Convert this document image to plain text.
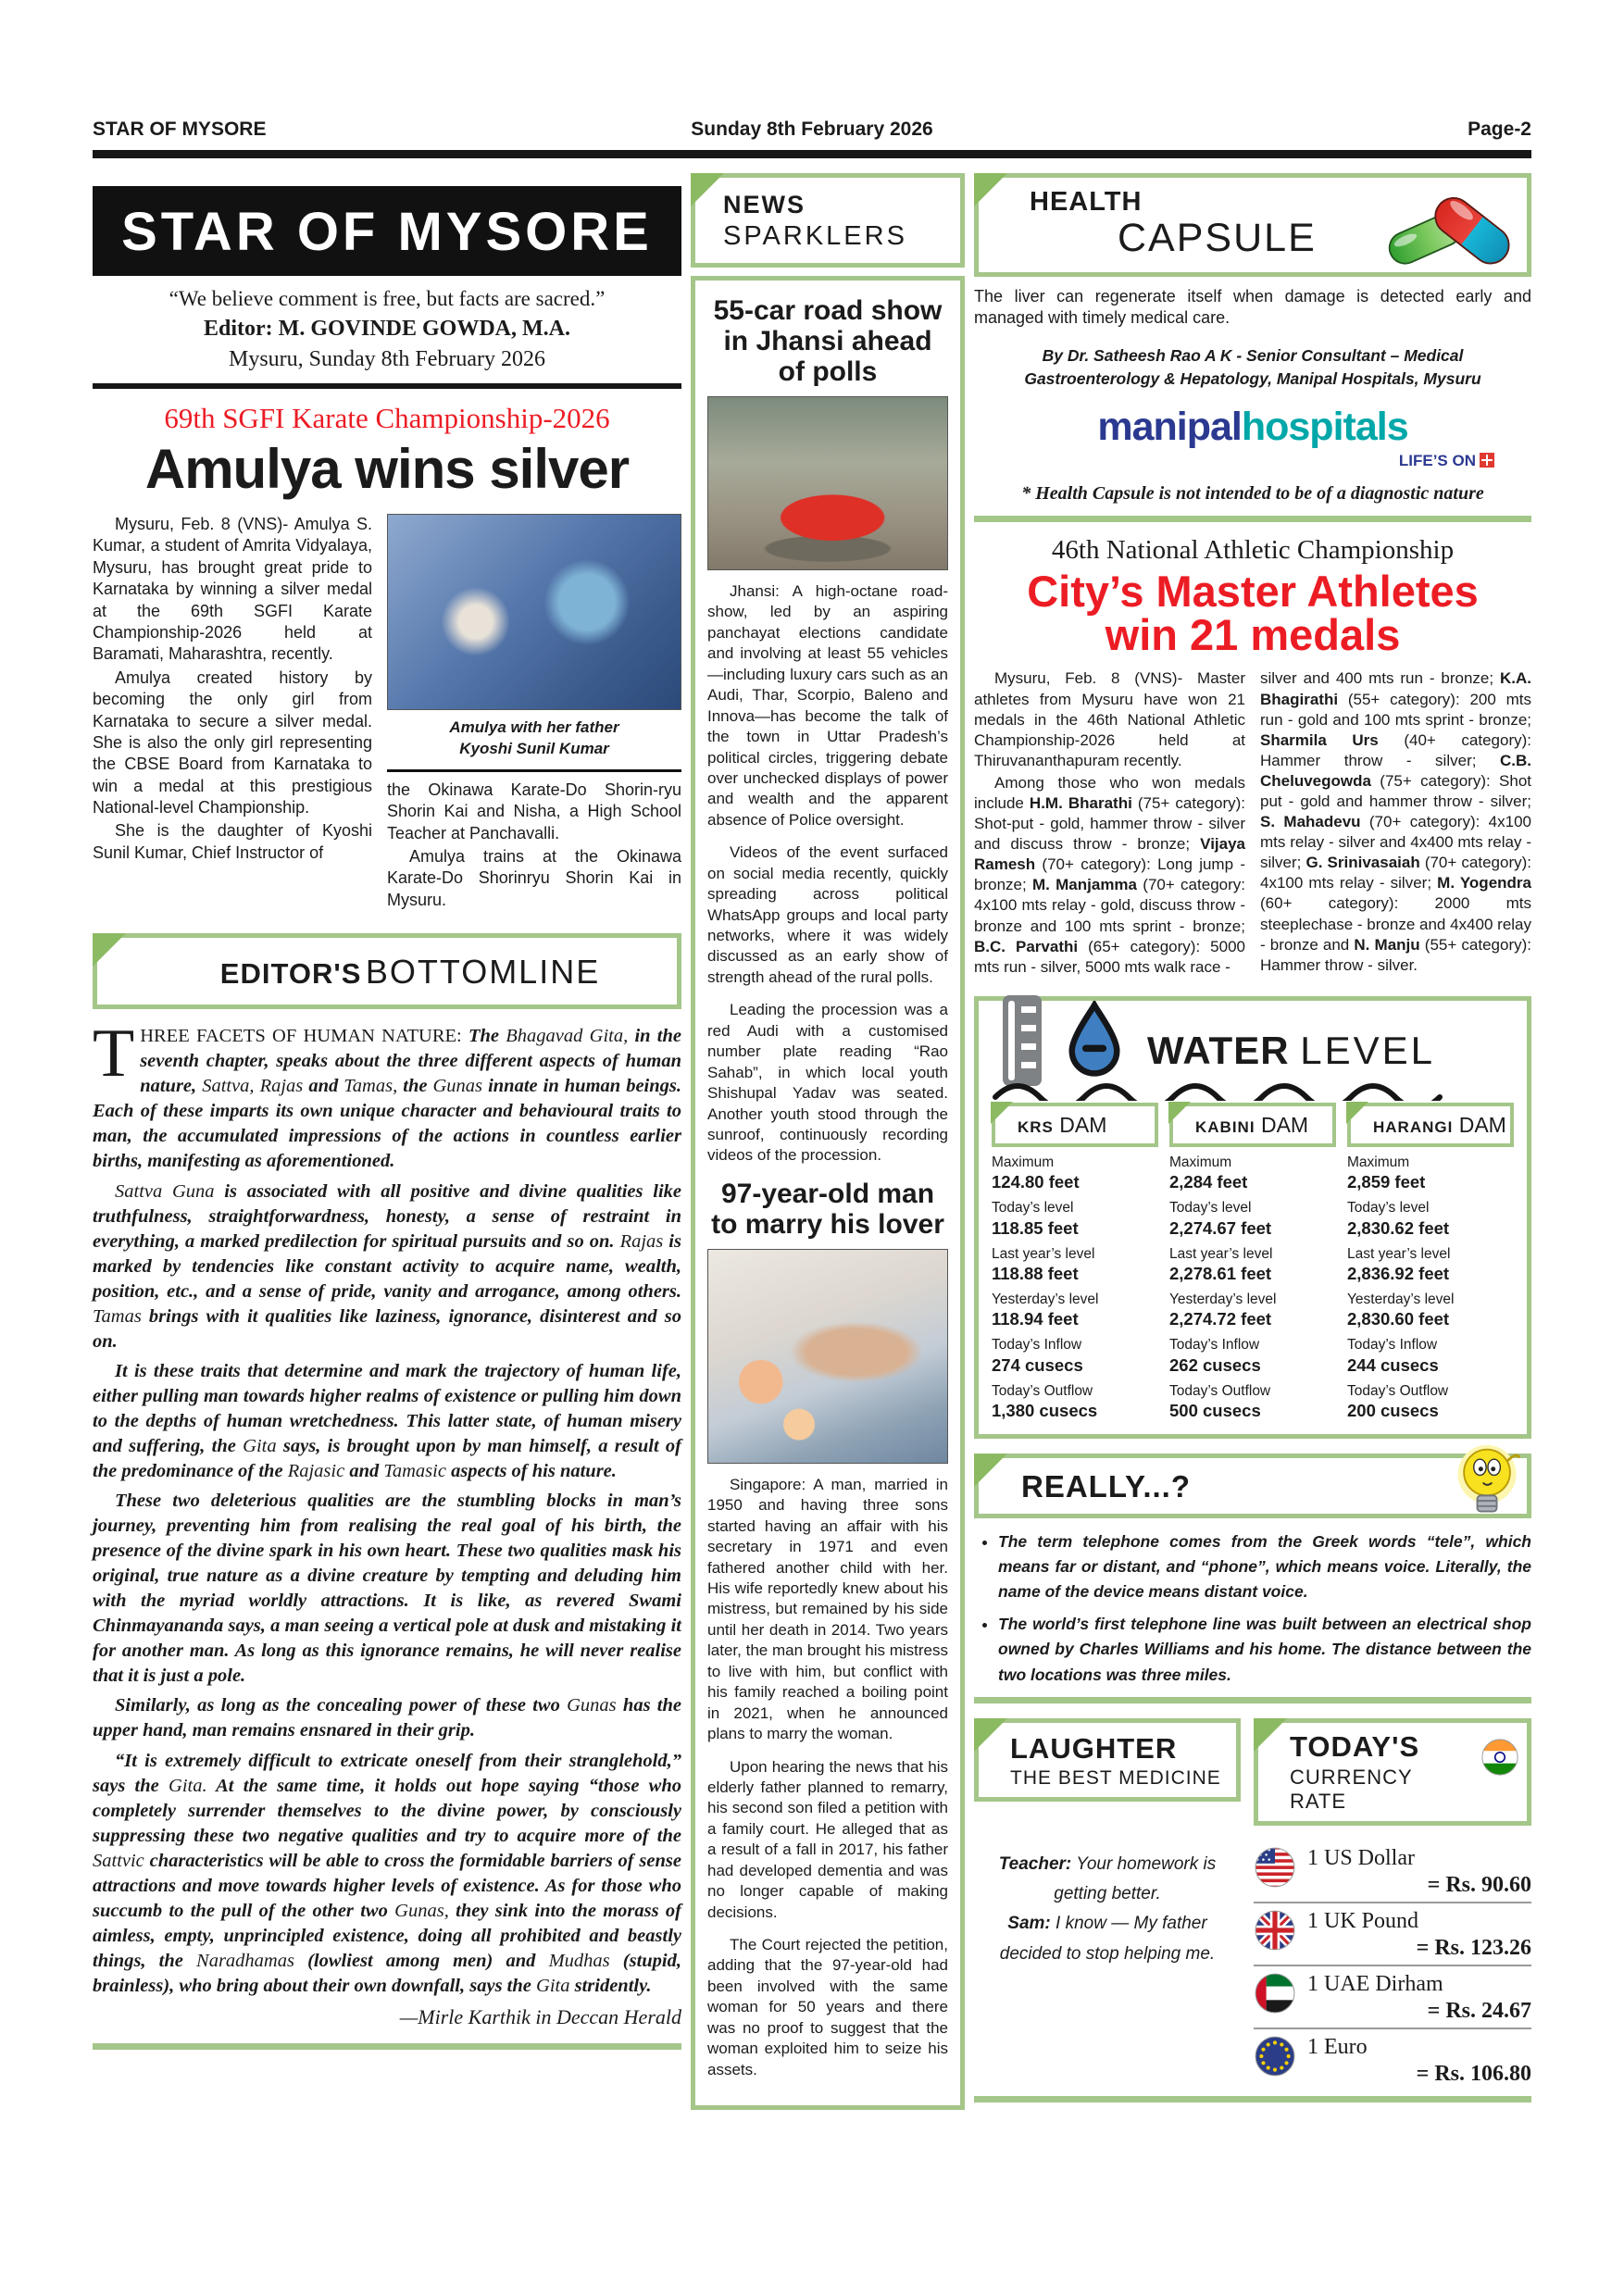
STAR OF MYSORE	Sunday 8th February 2026	Page-2
STAR OF MYSORE
“We believe comment is free, but facts are sacred.”
Editor: M. GOVINDE GOWDA, M.A.
Mysuru, Sunday 8th February 2026
69th SGFI Karate Championship-2026
Amulya wins silver

Mysuru, Feb. 8 (VNS)- Amulya S. Kumar, a student of Amrita Vidyalaya, Mysuru, has brought great pride to Karnataka by winning a silver medal at the 69th SGFI Karate Championship-2026 held at Baramati, Maharashtra, recently.

Amulya created history by becoming the only girl from Karnataka to secure a silver medal. She is also the only girl representing the CBSE Board from Karnataka to win a medal at this prestigious National-level Championship.

She is the daughter of Kyoshi Sunil Kumar, Chief Instructor of

Amulya with her father
Kyoshi Sunil Kumar

the Okinawa Karate-Do Shorin-ryu Shorin Kai and Nisha, a High School Teacher at Panchavalli.

Amulya trains at the Okinawa Karate-Do Shorinryu Shorin Kai in Mysuru.

EDITOR'S BOTTOMLINE

THREE FACETS OF HUMAN NATURE: The Bhagavad Gita, in the seventh chapter, speaks about the three different aspects of human nature, Sattva, Rajas and Tamas, the Gunas innate in human beings. Each of these imparts its own unique character and behavioural traits to man, the accumulated impressions of the actions in countless earlier births, manifesting as aforementioned.

Sattva Guna is associated with all positive and divine qualities like truthfulness, straightforwardness, honesty, a sense of restraint in everything, a marked predilection for spiritual pursuits and so on. Rajas is marked by tendencies like constant activity to acquire name, wealth, position, etc., and a sense of pride, vanity and arrogance, among others. Tamas brings with it qualities like laziness, ignorance, disinterest and so on.

It is these traits that determine and mark the trajectory of human life, either pulling man towards higher realms of existence or pulling him down to the depths of human wretchedness. This latter state, of human misery and suffering, the Gita says, is brought upon by man himself, a result of the predominance of the Rajasic and Tamasic aspects of his nature.

These two deleterious qualities are the stumbling blocks in man’s journey, preventing him from realising the real goal of his birth, the presence of the divine spark in his own heart. These two qualities mask his original, true nature as a divine creature by tempting and deluding him with the myriad worldly attractions. It is like, as revered Swami Chinmayananda says, a man seeing a vertical pole at dusk and mistaking it for another man. As long as this ignorance remains, he will never realise that it is just a pole.

Similarly, as long as the concealing power of these two Gunas has the upper hand, man remains ensnared in their grip.

“It is extremely difficult to extricate oneself from their stranglehold,” says the Gita. At the same time, it holds out hope saying “those who completely surrender themselves to the divine power, by consciously suppressing these two negative qualities and try to acquire more of the Sattvic characteristics will be able to cross the formidable barriers of sense attractions and move towards higher levels of existence. As for those who succumb to the pull of the other two Gunas, they sink into the morass of aimless, empty, unprincipled existence, doing all prohibited and beastly things, the Naradhamas (lowliest among men) and Mudhas (stupid, brainless), who bring about their own downfall, says the Gita stridently.

—Mirle Karthik in Deccan Herald
NEWS
SPARKLERS
55-car road show in Jhansi ahead of polls

Jhansi: A high-octane road-show, led by an aspiring panchayat elections candidate and involving at least 55 vehicles—including luxury cars such as an Audi, Thar, Scorpio, Baleno and Innova—has become the talk of the town in Uttar Pradesh’s political circles, triggering debate over unchecked displays of power and wealth and the apparent absence of Police oversight.

Videos of the event surfaced on social media recently, quickly spreading across political WhatsApp groups and local party networks, where it was widely discussed as an early show of strength ahead of the rural polls.

Leading the procession was a red Audi with a customised number plate reading “Rao Sahab”, in which local youth Shishupal Yadav was seated. Another youth stood through the sunroof, continuously recording videos of the procession.

97-year-old man to marry his lover

Singapore: A man, married in 1950 and having three sons started having an affair with his secretary in 1971 and even fathered another child with her. His wife reportedly knew about his mistress, but remained by his side until her death in 2014. Two years later, the man brought his mistress to live with him, but conflict with his family reached a boiling point in 2021, when he announced plans to marry the woman.

Upon hearing the news that his elderly father planned to remarry, his second son filed a petition with a family court. He alleged that as a result of a fall in 2017, his father had developed dementia and was no longer capable of making decisions.

The Court rejected the petition, adding that the 97-year-old had been involved with the same woman for 50 years and there was no proof to suggest that the woman exploited him to seize his assets.

HEALTH
CAPSULE

The liver can regenerate itself when damage is detected early and managed with timely medical care.

By Dr. Satheesh Rao A K - Senior Consultant – Medical Gastroenterology & Hepatology, Manipal Hospitals, Mysuru
manipalhospitals
LIFE’S ON
* Health Capsule is not intended to be of a diagnostic nature
46th National Athletic Championship
City’s Master Athletes
win 21 medals

Mysuru, Feb. 8 (VNS)- Master athletes from Mysuru have won 21 medals in the 46th National Athletic Championship-2026 held at Thiruvananthapuram recently.

Among those who won medals include H.M. Bharathi (75+ category): Shot-put - gold, hammer throw - silver and discuss throw - bronze; Vijaya Ramesh (70+ category): Long jump - bronze; M. Manjamma (70+ category: 4x100 mts relay - gold, discuss throw - bronze and 100 mts sprint - bronze; B.C. Parvathi (65+ category): 5000 mts run - silver, 5000 mts walk race -

silver and 400 mts run - bronze; K.A. Bhagirathi (55+ category): 200 mts run - gold and 100 mts sprint - bronze; Sharmila Urs (40+ category): Hammer throw - silver; C.B. Cheluvegowda (75+ category): Shot put - gold and hammer throw - silver; S. Mahadevu (70+ category): 4x100 mts relay - silver and 4x400 mts relay - silver; G. Srinivasaiah (70+ category): 4x100 mts relay - silver; M. Yogendra (60+ category): 2000 mts steeplechase - bronze and 4x400 relay - bronze and N. Manju (55+ category): Hammer throw - silver.

WATER LEVEL
KRS DAM
Maximum
124.80 feet
Today’s level
118.85 feet
Last year’s level
118.88 feet
Yesterday’s level
118.94 feet
Today’s Inflow
274 cusecs
Today’s Outflow
1,380 cusecs
KABINI DAM
Maximum
2,284 feet
Today’s level
2,274.67 feet
Last year’s level
2,278.61 feet
Yesterday’s level
2,274.72 feet
Today’s Inflow
262 cusecs
Today’s Outflow
500 cusecs
HARANGI DAM
Maximum
2,859 feet
Today’s level
2,830.62 feet
Last year’s level
2,836.92 feet
Yesterday’s level
2,830.60 feet
Today’s Inflow
244 cusecs
Today’s Outflow
200 cusecs
REALLY...?
• The term telephone comes from the Greek words “tele”, which means far or distant, and “phone”, which means voice. Literally, the name of the device means distant voice.
• The world’s first telephone line was built between an electrical shop owned by Charles Williams and his home. The distance between the two locations was three miles.
LAUGHTER
THE BEST MEDICINE

Teacher: Your homework is getting better.

Sam: I know — My father decided to stop helping me.

TODAY'S
CURRENCY RATE
1 US Dollar
= Rs. 90.60
1 UK Pound
= Rs. 123.26
1 UAE Dirham
= Rs. 24.67
1 Euro
= Rs. 106.80
